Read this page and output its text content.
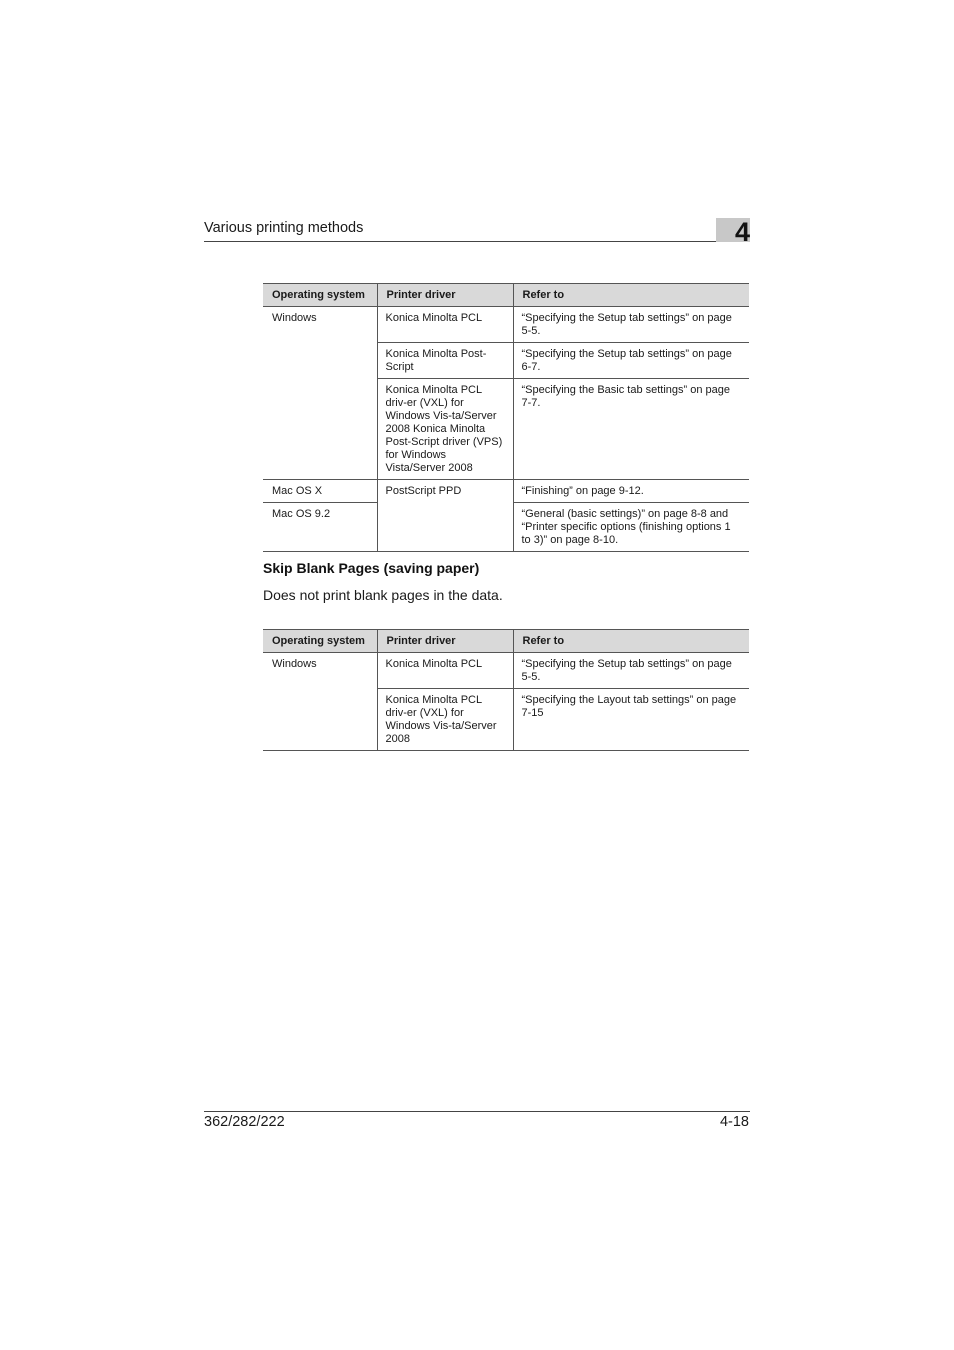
Various printing methods	4
Operating system	Printer driver	Refer to
Windows	Konica Minolta PCL	“Specifying the Setup tab settings” on page 5-5.
	Konica Minolta Post-Script	“Specifying the Setup tab settings” on page 6-7.
	Konica Minolta PCL driv-er (VXL) for Windows Vis-ta/Server 2008 Konica Minolta Post-Script driver (VPS) for Windows Vista/Server 2008	“Specifying the Basic tab settings” on page 7-7.
Mac OS X	PostScript PPD	“Finishing” on page 9-12.
Mac OS 9.2		“General (basic settings)” on page 8-8 and “Printer specific options (finishing options 1 to 3)” on page 8-10.
Skip Blank Pages (saving paper)
Does not print blank pages in the data.
Operating system	Printer driver	Refer to
Windows	Konica Minolta PCL	“Specifying the Setup tab settings” on page 5-5.
	Konica Minolta PCL driv-er (VXL) for Windows Vis-ta/Server 2008	“Specifying the Layout tab settings” on page 7-15
362/282/222	4-18
